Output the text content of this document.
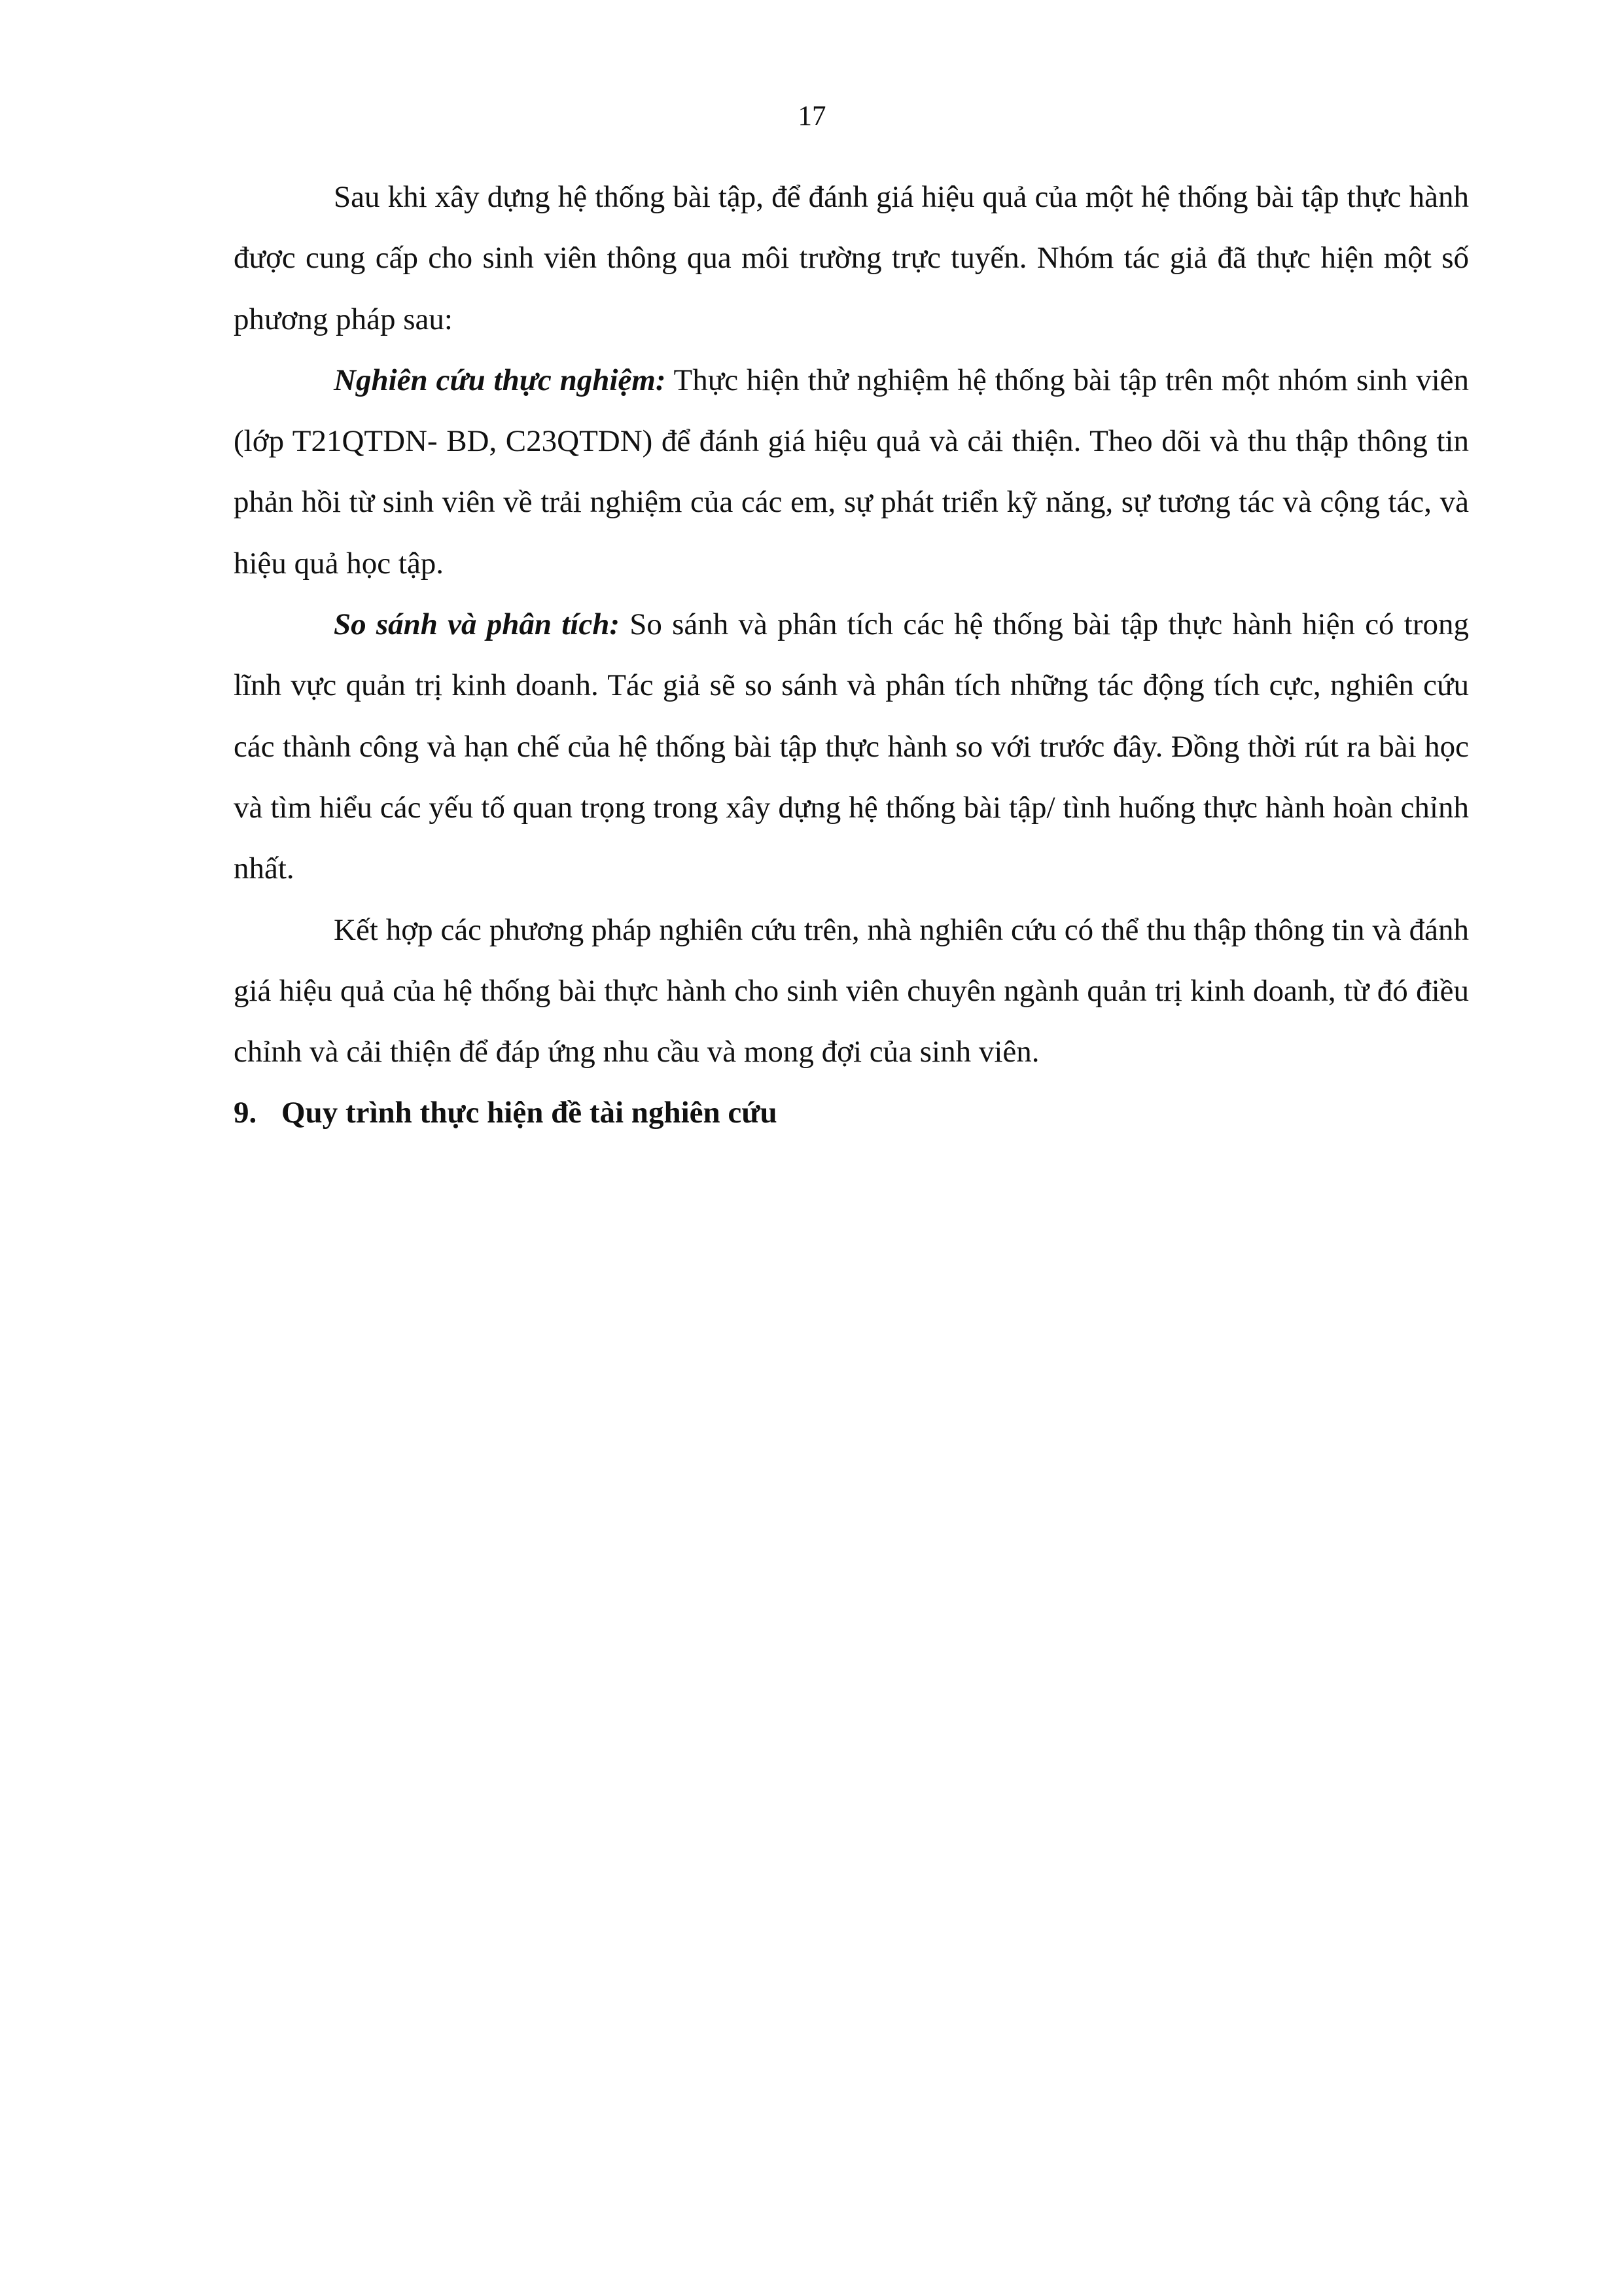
17

Sau khi xây dựng hệ thống bài tập, để đánh giá hiệu quả của một hệ thống bài tập thực hành được cung cấp cho sinh viên thông qua môi trường trực tuyến. Nhóm tác giả đã thực hiện một số phương pháp sau:

Nghiên cứu thực nghiệm: Thực hiện thử nghiệm hệ thống bài tập trên một nhóm sinh viên (lớp T21QTDN- BD, C23QTDN) để đánh giá hiệu quả và cải thiện. Theo dõi và thu thập thông tin phản hồi từ sinh viên về trải nghiệm của các em, sự phát triển kỹ năng, sự tương tác và cộng tác, và hiệu quả học tập.

So sánh và phân tích: So sánh và phân tích các hệ thống bài tập thực hành hiện có trong lĩnh vực quản trị kinh doanh. Tác giả sẽ so sánh và phân tích những tác động tích cực, nghiên cứu các thành công và hạn chế của hệ thống bài tập thực hành so với trước đây. Đồng thời rút ra bài học và tìm hiểu các yếu tố quan trọng trong xây dựng hệ thống bài tập/ tình huống thực hành hoàn chỉnh nhất.

Kết hợp các phương pháp nghiên cứu trên, nhà nghiên cứu có thể thu thập thông tin và đánh giá hiệu quả của hệ thống bài thực hành cho sinh viên chuyên ngành quản trị kinh doanh, từ đó điều chỉnh và cải thiện để đáp ứng nhu cầu và mong đợi của sinh viên.

9. Quy trình thực hiện đề tài nghiên cứu
